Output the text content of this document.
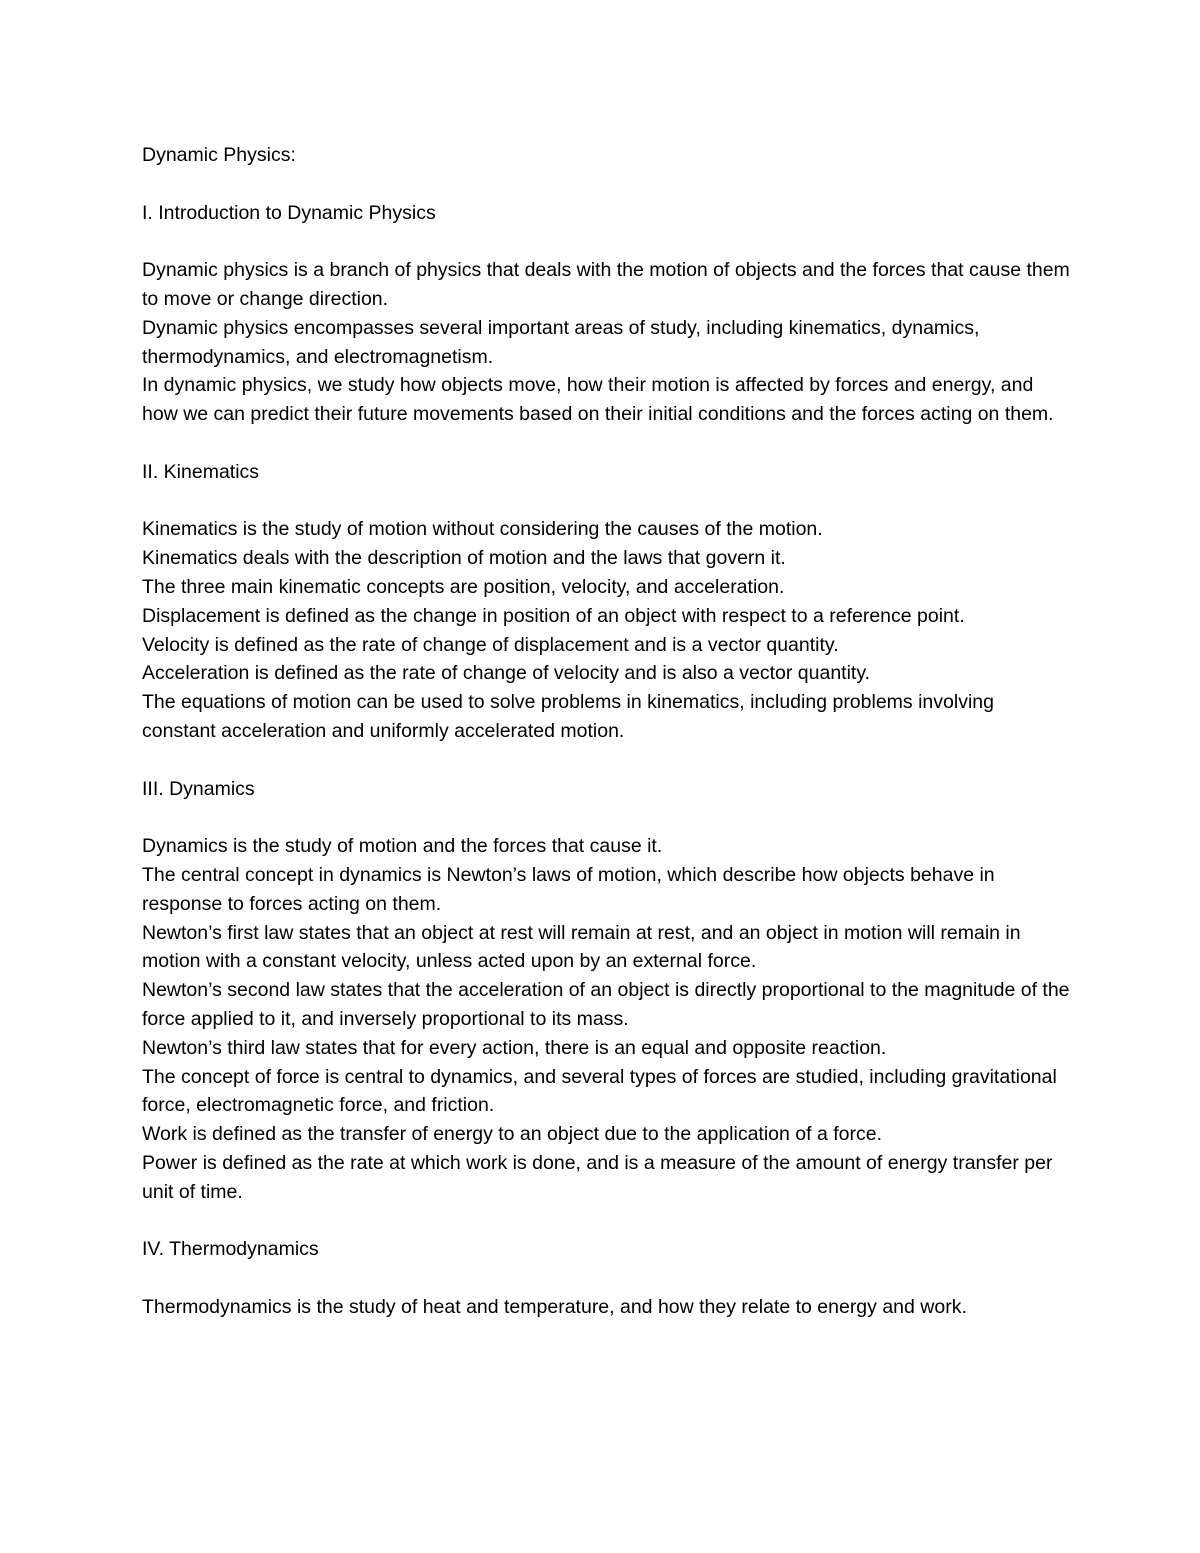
Dynamic Physics:
I. Introduction to Dynamic Physics

Dynamic physics is a branch of physics that deals with the motion of objects and the forces that cause them to move or change direction.

Dynamic physics encompasses several important areas of study, including kinematics, dynamics, thermodynamics, and electromagnetism.

In dynamic physics, we study how objects move, how their motion is affected by forces and energy, and how we can predict their future movements based on their initial conditions and the forces acting on them.

II. Kinematics

Kinematics is the study of motion without considering the causes of the motion.

Kinematics deals with the description of motion and the laws that govern it.

The three main kinematic concepts are position, velocity, and acceleration.

Displacement is defined as the change in position of an object with respect to a reference point.

Velocity is defined as the rate of change of displacement and is a vector quantity.

Acceleration is defined as the rate of change of velocity and is also a vector quantity.

The equations of motion can be used to solve problems in kinematics, including problems involving constant acceleration and uniformly accelerated motion.

III. Dynamics

Dynamics is the study of motion and the forces that cause it.

The central concept in dynamics is Newton’s laws of motion, which describe how objects behave in response to forces acting on them.

Newton’s first law states that an object at rest will remain at rest, and an object in motion will remain in motion with a constant velocity, unless acted upon by an external force.

Newton’s second law states that the acceleration of an object is directly proportional to the magnitude of the force applied to it, and inversely proportional to its mass.

Newton’s third law states that for every action, there is an equal and opposite reaction.

The concept of force is central to dynamics, and several types of forces are studied, including gravitational force, electromagnetic force, and friction.

Work is defined as the transfer of energy to an object due to the application of a force.

Power is defined as the rate at which work is done, and is a measure of the amount of energy transfer per unit of time.

IV. Thermodynamics

Thermodynamics is the study of heat and temperature, and how they relate to energy and work.
